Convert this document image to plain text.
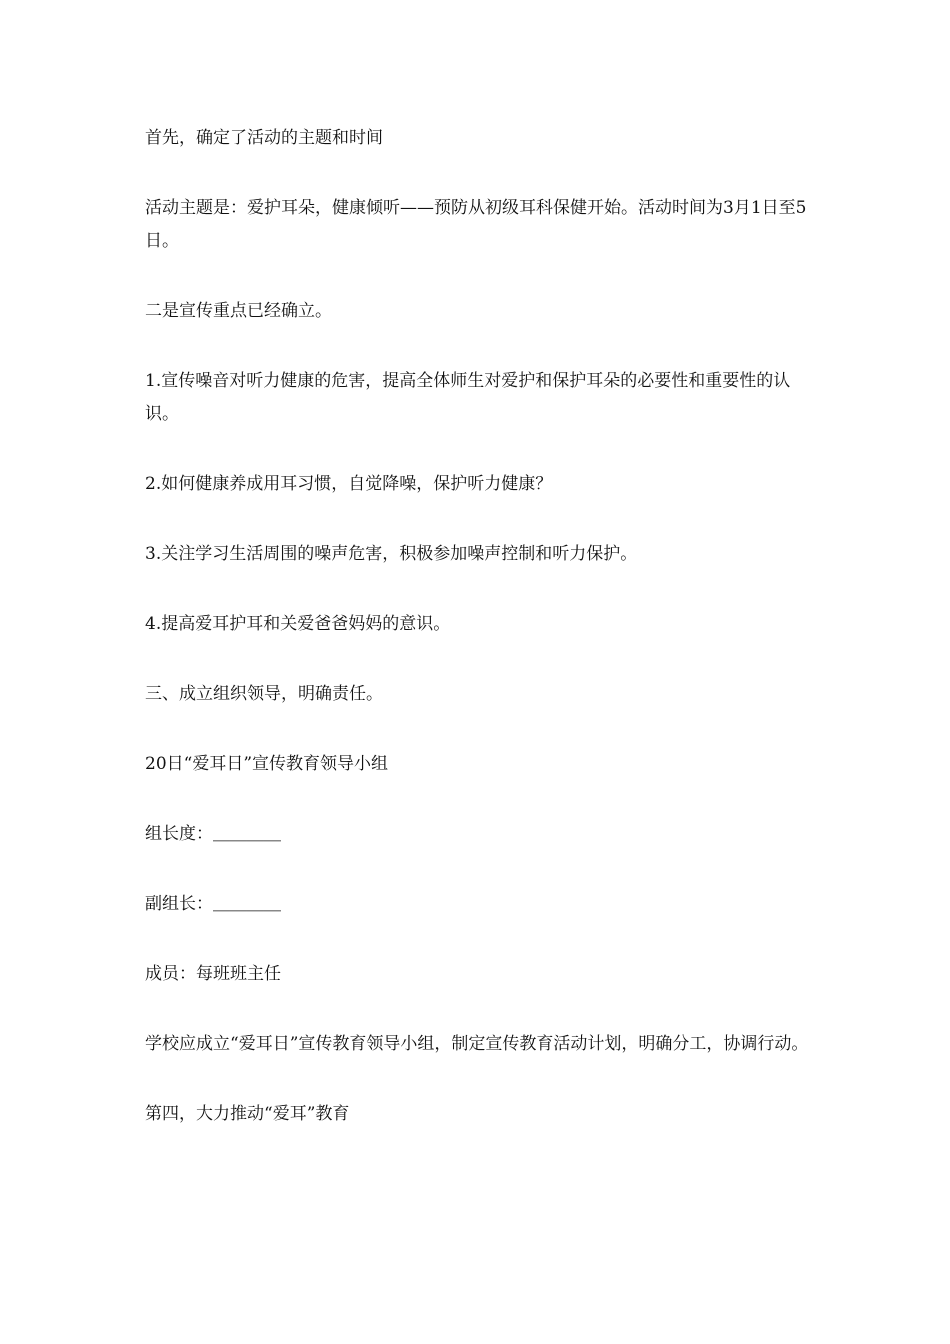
首先，确定了活动的主题和时间

活动主题是：爱护耳朵，健康倾听——预防从初级耳科保健开始。活动时间为3月1日至5日。

二是宣传重点已经确立。

1.宣传噪音对听力健康的危害，提高全体师生对爱护和保护耳朵的必要性和重要性的认识。

2.如何健康养成用耳习惯，自觉降噪，保护听力健康？

3.关注学习生活周围的噪声危害，积极参加噪声控制和听力保护。

4.提高爱耳护耳和关爱爸爸妈妈的意识。

三、成立组织领导，明确责任。

20日“爱耳日”宣传教育领导小组

组长度：＿＿＿＿

副组长：＿＿＿＿

成员：每班班主任

学校应成立“爱耳日”宣传教育领导小组，制定宣传教育活动计划，明确分工，协调行动。

第四，大力推动“爱耳”教育
